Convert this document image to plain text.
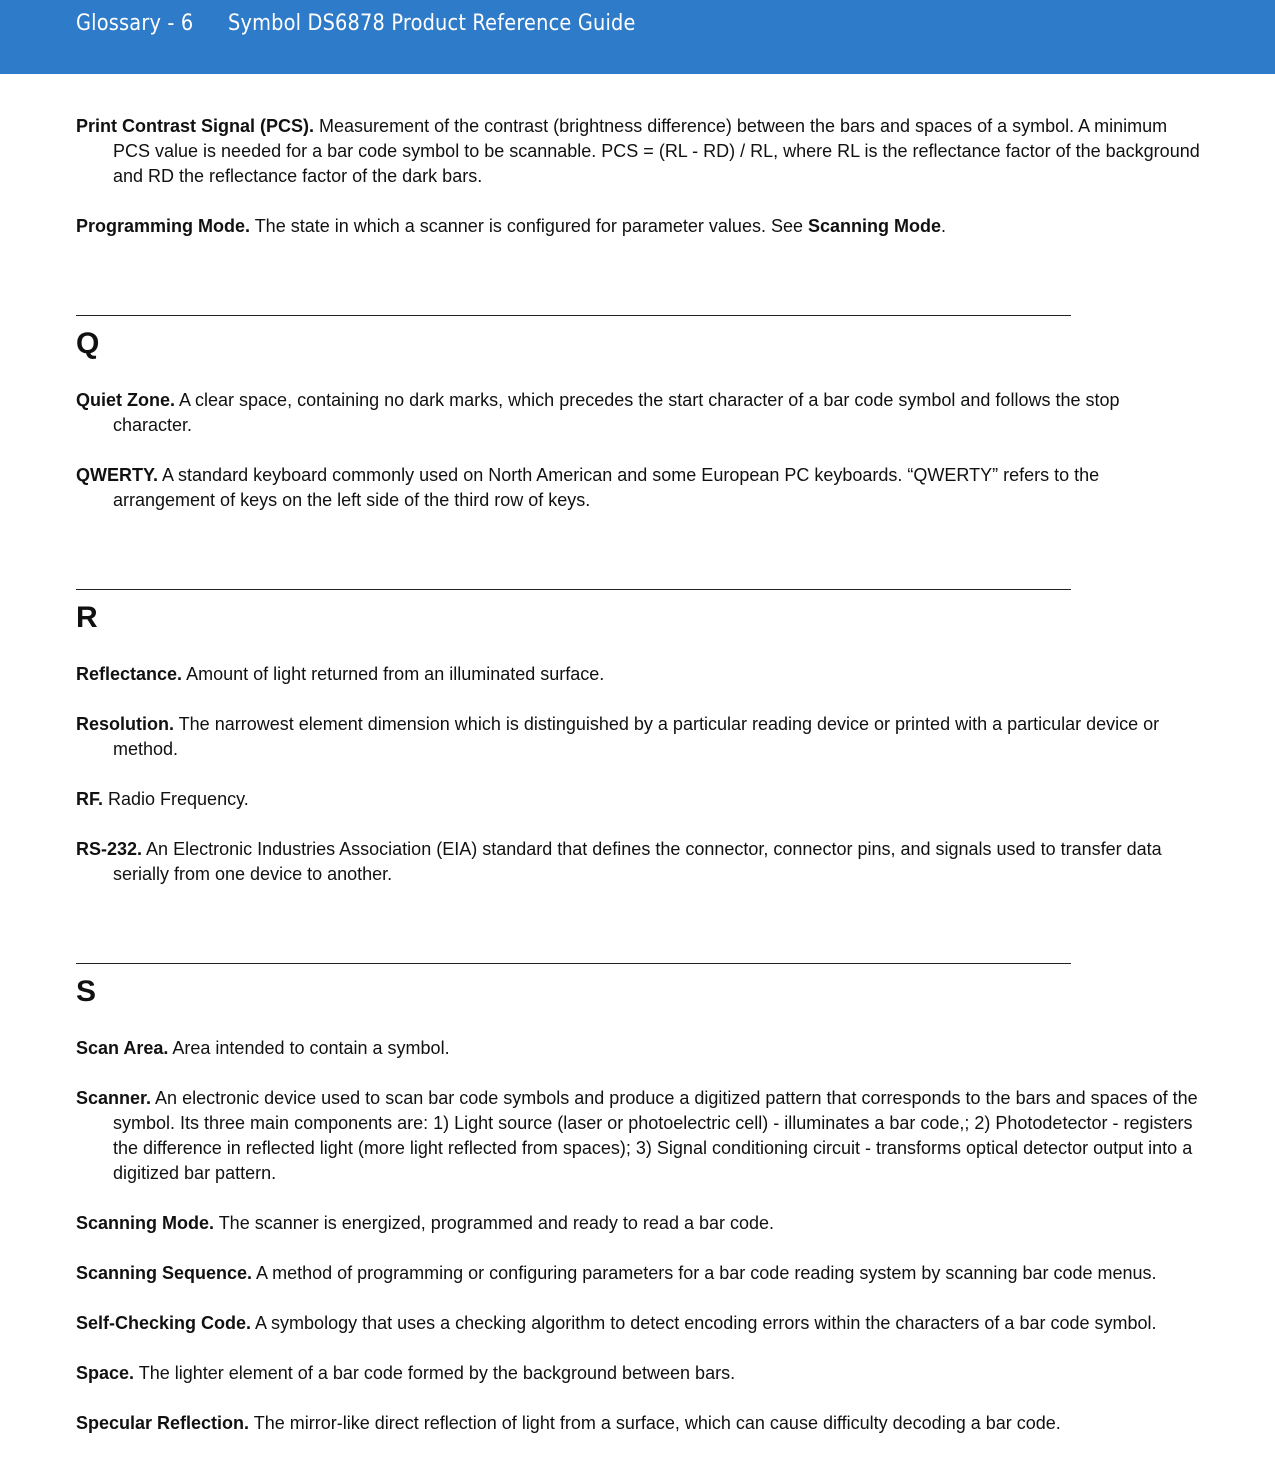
Glossary - 6 Symbol DS6878 Product Reference Guide

Print Contrast Signal (PCS). Measurement of the contrast (brightness difference) between the bars and spaces of a symbol. A minimum PCS value is needed for a bar code symbol to be scannable. PCS = (RL - RD) / RL, where RL is the reflectance factor of the background and RD the reflectance factor of the dark bars.

Programming Mode. The state in which a scanner is configured for parameter values. See Scanning Mode.

Q

Quiet Zone. A clear space, containing no dark marks, which precedes the start character of a bar code symbol and follows the stop character.

QWERTY. A standard keyboard commonly used on North American and some European PC keyboards. “QWERTY” refers to the arrangement of keys on the left side of the third row of keys.

R

Reflectance. Amount of light returned from an illuminated surface.

Resolution. The narrowest element dimension which is distinguished by a particular reading device or printed with a particular device or method.

RF. Radio Frequency.

RS-232. An Electronic Industries Association (EIA) standard that defines the connector, connector pins, and signals used to transfer data serially from one device to another.

S

Scan Area. Area intended to contain a symbol.

Scanner. An electronic device used to scan bar code symbols and produce a digitized pattern that corresponds to the bars and spaces of the symbol. Its three main components are: 1) Light source (laser or photoelectric cell) - illuminates a bar code,; 2) Photodetector - registers the difference in reflected light (more light reflected from spaces); 3) Signal conditioning circuit - transforms optical detector output into a digitized bar pattern.

Scanning Mode. The scanner is energized, programmed and ready to read a bar code.

Scanning Sequence. A method of programming or configuring parameters for a bar code reading system by scanning bar code menus.

Self-Checking Code. A symbology that uses a checking algorithm to detect encoding errors within the characters of a bar code symbol.

Space. The lighter element of a bar code formed by the background between bars.

Specular Reflection. The mirror-like direct reflection of light from a surface, which can cause difficulty decoding a bar code.
